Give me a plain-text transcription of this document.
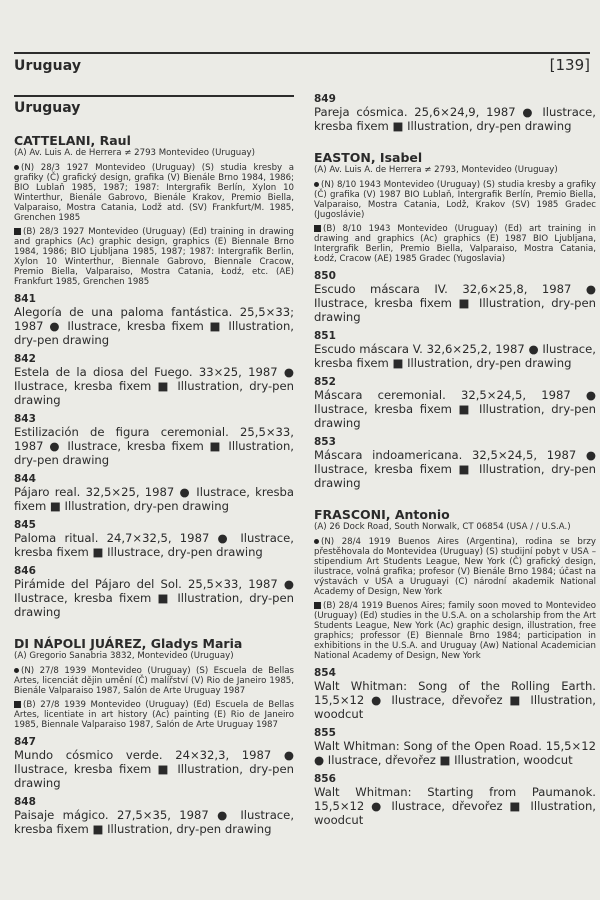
Uruguay	[139]
Uruguay
CATTELANI, Raul
(A) Av. Luis A. de Herrera ≠ 2793 Montevideo (Uruguay)
(N) 28/3 1927 Montevideo (Uruguay) (S) studia kresby a grafiky (Č) grafický design, grafika (V) Bienále Brno 1984, 1986; BIO Lublaň 1985, 1987; 1987: Intergrafik Berlín, Xylon 10 Winterthur, Bienále Gabrovo, Bienále Krakov, Premio Biella, Valparaiso, Mostra Catania, Lodž atd. (SV) Frankfurt/M. 1985, Grenchen 1985
(B) 28/3 1927 Montevideo (Uruguay) (Ed) training in drawing and graphics (Ac) graphic design, graphics (E) Biennale Brno 1984, 1986; BIO Ljubljana 1985, 1987; 1987: Intergrafik Berlin, Xylon 10 Winterthur, Biennale Gabrovo, Biennale Cracow, Premio Biella, Valparaiso, Mostra Catania, Łodź, etc. (AE) Frankfurt 1985, Grenchen 1985
841
Alegoría de una paloma fantástica. 25,5×33; 1987 ● Ilustrace, kresba fixem ■ Illustration, dry-pen drawing
842
Estela de la diosa del Fuego. 33×25, 1987 ● Ilustrace, kresba fixem ■ Illustration, dry-pen drawing
843
Estilización de figura ceremonial. 25,5×33, 1987 ● Ilustrace, kresba fixem ■ Illustration, dry-pen drawing
844
Pájaro real. 32,5×25, 1987 ● Ilustrace, kresba fixem ■ Illustration, dry-pen drawing
845
Paloma ritual. 24,7×32,5, 1987 ● Ilustrace, kresba fixem ■ Illustrace, dry-pen drawing
846
Pirámide del Pájaro del Sol. 25,5×33, 1987 ● Ilustrace, kresba fixem ■ Illustration, dry-pen drawing
DI NÁPOLI JUÁREZ, Gladys Maria
(A) Gregorio Sanabria 3832, Montevideo (Uruguay)
(N) 27/8 1939 Montevideo (Uruguay) (S) Escuela de Bellas Artes, licenciát dějin umění (Č) malířství (V) Rio de Janeiro 1985, Bienále Valparaiso 1987, Salón de Arte Uruguay 1987
(B) 27/8 1939 Montevideo (Uruguay) (Ed) Escuela de Bellas Artes, licentiate in art history (Ac) painting (E) Rio de Janeiro 1985, Biennale Valparaiso 1987, Salón de Arte Uruguay 1987
847
Mundo cósmico verde. 24×32,3, 1987 ● Ilustrace, kresba fixem ■ Illustration, dry-pen drawing
848
Paisaje mágico. 27,5×35, 1987 ● Ilustrace, kresba fixem ■ Illustration, dry-pen drawing
849
Pareja cósmica. 25,6×24,9, 1987 ● Ilustrace, kresba fixem ■ Illustration, dry-pen drawing
EASTON, Isabel
(A) Av. Luis A. de Herrera ≠ 2793, Montevideo (Uruguay)
(N) 8/10 1943 Montevideo (Uruguay) (S) studia kresby a grafiky (Č) grafika (V) 1987 BIO Lublaň, Intergrafik Berlín, Premio Biella, Valparaiso, Mostra Catania, Lodž, Krakov (SV) 1985 Gradec (Jugoslávie)
(B) 8/10 1943 Montevideo (Uruguay) (Ed) art training in drawing and graphics (Ac) graphics (E) 1987 BIO Ljubljana, Intergrafik Berlin, Premio Biella, Valparaiso, Mostra Catania, Łodź, Cracow (AE) 1985 Gradec (Yugoslavia)
850
Escudo máscara IV. 32,6×25,8, 1987 ● Ilustrace, kresba fixem ■ Illustration, dry-pen drawing
851
Escudo máscara V. 32,6×25,2, 1987 ● Ilustrace, kresba fixem ■ Illustration, dry-pen drawing
852
Máscara ceremonial. 32,5×24,5, 1987 ● Ilustrace, kresba fixem ■ Illustration, dry-pen drawing
853
Máscara indoamericana. 32,5×24,5, 1987 ● Ilustrace, kresba fixem ■ Illustration, dry-pen drawing
FRASCONI, Antonio
(A) 26 Dock Road, South Norwalk, CT 06854 (USA / / U.S.A.)
(N) 28/4 1919 Buenos Aires (Argentina), rodina se brzy přestěhovala do Montevidea (Uruguay) (S) studijní pobyt v USA – stipendium Art Students League, New York (Č) grafický design, ilustrace, volná grafika; profesor (V) Bienále Brno 1984; účast na výstavách v USA a Uruguayi (C) národní akademik National Academy of Design, New York
(B) 28/4 1919 Buenos Aires; family soon moved to Montevideo (Uruguay) (Ed) studies in the U.S.A. on a scholarship from the Art Students League, New York (Ac) graphic design, illustration, free graphics; professor (E) Biennale Brno 1984; participation in exhibitions in the U.S.A. and Uruguay (Aw) National Academician National Academy of Design, New York
854
Walt Whitman: Song of the Rolling Earth. 15,5×12 ● Ilustrace, dřevořez ■ Illustration, woodcut
855
Walt Whitman: Song of the Open Road. 15,5×12 ● Ilustrace, dřevořez ■ Illustration, woodcut
856
Walt Whitman: Starting from Paumanok. 15,5×12 ● Ilustrace, dřevořez ■ Illustration, woodcut
